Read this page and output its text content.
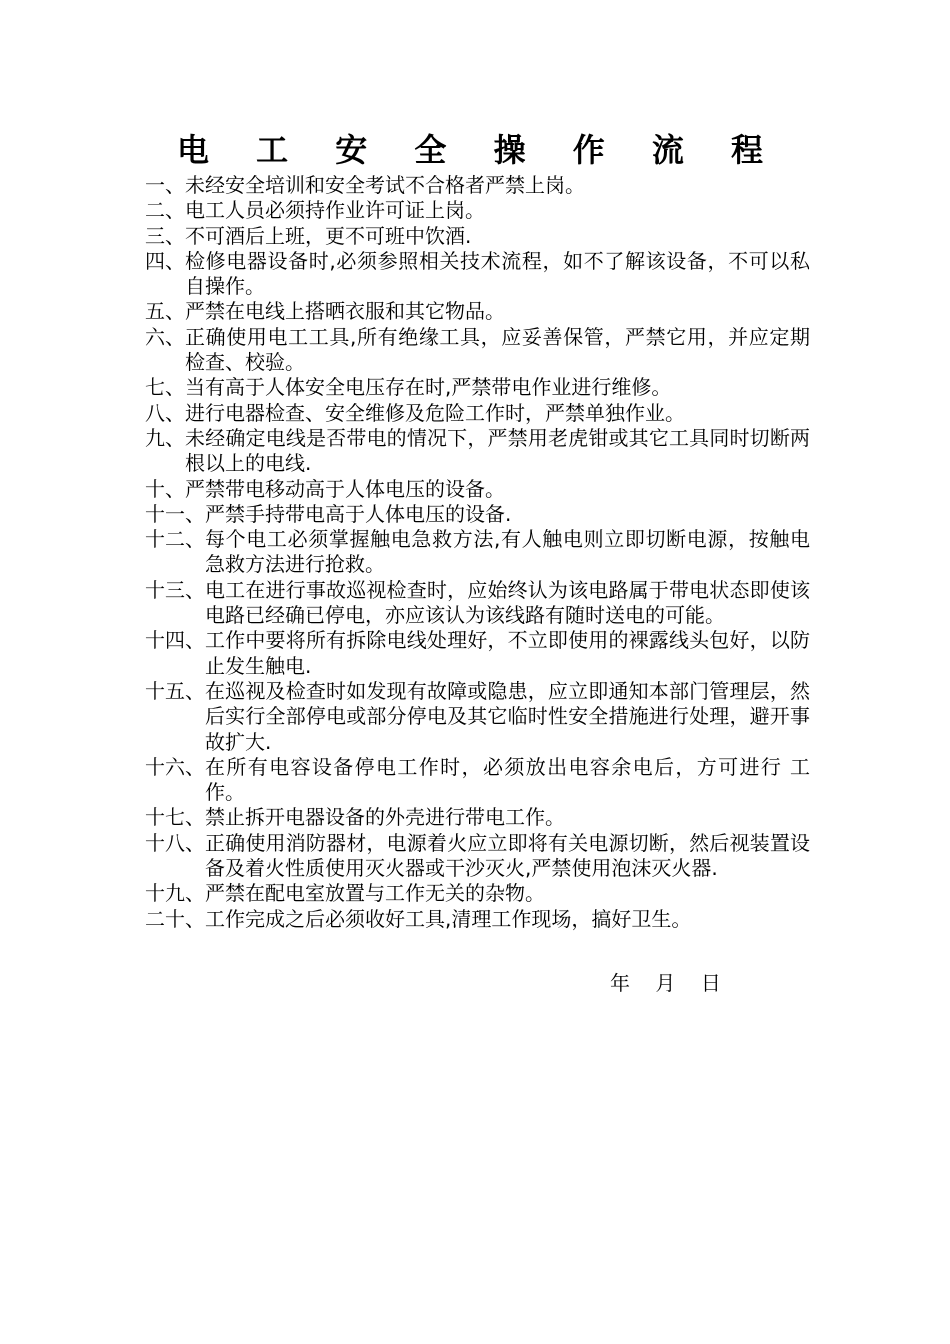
电 工 安 全 操 作 流 程
一、 未经安全培训和安全考试不合格者严禁上岗。
二、 电工人员必须持作业许可证上岗。
三、 不可酒后上班，更不可班中饮酒.
四、 检修电器设备时,必须参照相关技术流程，如不了解该设备，不可以私自操作。
五、 严禁在电线上搭晒衣服和其它物品。
六、 正确使用电工工具,所有绝缘工具，应妥善保管，严禁它用，并应定期检查、校验。
七、 当有高于人体安全电压存在时,严禁带电作业进行维修。
八、 进行电器检查、安全维修及危险工作时，严禁单独作业。
九、 未经确定电线是否带电的情况下，严禁用老虎钳或其它工具同时切断两根以上的电线.
十、 严禁带电移动高于人体电压的设备。
十一、 严禁手持带电高于人体电压的设备.
十二、 每个电工必须掌握触电急救方法,有人触电则立即切断电源，按触电急救方法进行抢救。
十三、 电工在进行事故巡视检查时，应始终认为该电路属于带电状态即使该电路已经确已停电，亦应该认为该线路有随时送电的可能。
十四、 工作中要将所有拆除电线处理好，不立即使用的裸露线头包好，以防止发生触电.
十五、 在巡视及检查时如发现有故障或隐患，应立即通知本部门管理层，然后实行全部停电或部分停电及其它临时性安全措施进行处理，避开事故扩大.
十六、 在所有电容设备停电工作时，必须放出电容余电后，方可进行 工作。
十七、 禁止拆开电器设备的外壳进行带电工作。
十八、 正确使用消防器材，电源着火应立即将有关电源切断，然后视装置设备及着火性质使用灭火器或干沙灭火,严禁使用泡沫灭火器.
十九、 严禁在配电室放置与工作无关的杂物。
二十、 工作完成之后必须收好工具,清理工作现场，搞好卫生。
年    月    日
